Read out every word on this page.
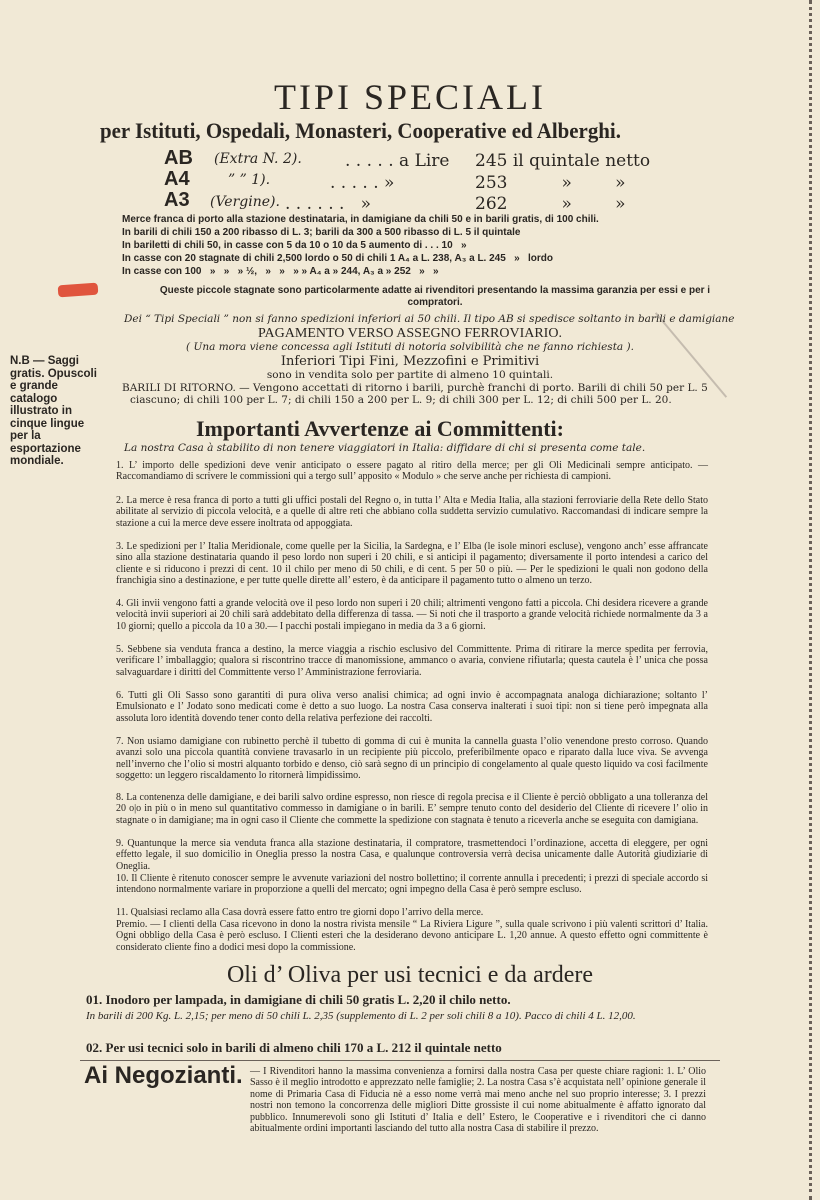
TIPI SPECIALI
per Istituti, Ospedali, Monasteri, Cooperative ed Alberghi.
AB (Extra N. 2).	. . . . . a Lire 245 il quintale netto
A4	” ” 1).	. . . . . »	253          »        »
A3 (Vergine). . . . . . .   »	262          »        »
Merce franca di porto alla stazione destinataria, in damigiane da chili 50 e in barili gratis, di 100 chili.
In barili di chili 150 a 200 ribasso di L. 3; barili da 300 a 500 ribasso di L. 5 il quintale
In bariletti di chili 50, in casse con 5 da 10 o 10 da 5 aumento di . . . 10   »
In casse con 20 stagnate di chili 2,500 lordo o 50 di chili 1 A₄ a L. 238, A₃ a L. 245   »   lordo
In casse con 100   »   »   » ½,   »   »   » » A₄ a » 244, A₃ a » 252   »   »
Queste piccole stagnate sono particolarmente adatte ai rivenditori presentando la massima garanzia per essi e per i compratori.
Dei “ Tipi Speciali ” non si fanno spedizioni inferiori ai 50 chili. Il tipo AB si spedisce soltanto in barili e damigiane
PAGAMENTO VERSO ASSEGNO FERROVIARIO.
( Una mora viene concessa agli Istituti di notoria solvibilità che ne fanno richiesta ).
Inferiori Tipi Fini, Mezzofini e Primitivi
sono in vendita solo per partite di almeno 10 quintali.
BARILI DI RITORNO. — Vengono accettati di ritorno i barili, purchè franchi di porto. Barili di chili 50 per L. 5
ciascuno; di chili 100 per L. 7; di chili 150 a 200 per L. 9; di chili 300 per L. 12; di chili 500 per L. 20.
N.B — Saggi gratis. Opuscoli e grande catalogo illustrato in cinque lingue per la esportazione mondiale.
Importanti Avvertenze ai Committenti:
La nostra Casa à stabilito di non tenere viaggiatori in Italia: diffidare di chi si presenta come tale.
1. L’ importo delle spedizioni deve venir anticipato o essere pagato al ritiro della merce; per gli Oli Medicinali sempre anticipato. — Raccomandiamo di scrivere le commissioni qui a tergo sull’ apposito « Modulo » che serve anche per richiesta di campioni.
2. La merce è resa franca di porto a tutti gli uffici postali del Regno o, in tutta l’ Alta e Media Italia, alla stazioni ferroviarie della Rete dello Stato abilitate al servizio di piccola velocità, e a quelle di altre reti che abbiano colla suddetta servizio cumulativo. Raccomandasi di indicare sempre la stazione a cui la merce deve essere inoltrata od appoggiata.
3. Le spedizioni per l’ Italia Meridionale, come quelle per la Sicilia, la Sardegna, e l’ Elba (le isole minori escluse), vengono anch’ esse affrancate sino alla stazione destinataria quando il peso lordo non superi i 20 chili, e si anticipi il pagamento; diversamente il porto intendesi a carico del cliente e si riducono i prezzi di cent. 10 il chilo per meno di 50 chili, e di cent. 5 per 50 o più. — Per le spedizioni le quali non godono della franchigia sino a destinazione, e per tutte quelle dirette all’ estero, è da anticipare il pagamento tutto o almeno un terzo.
4. Gli invii vengono fatti a grande velocità ove il peso lordo non superi i 20 chili; altrimenti vengono fatti a piccola. Chi desidera ricevere a grande velocità invii superiori ai 20 chili sarà addebitato della differenza di tassa. — Si noti che il trasporto a grande velocità richiede normalmente da 3 a 10 giorni; quello a piccola da 10 a 30.— I pacchi postali impiegano in media da 3 a 6 giorni.
5. Sebbene sia venduta franca a destino, la merce viaggia a rischio esclusivo del Committente. Prima di ritirare la merce spedita per ferrovia, verificare l’ imballaggio; qualora si riscontrino tracce di manomissione, ammanco o avaria, conviene rifiutarla; questa cautela è l’ unica che possa salvaguardare i diritti del Committente verso l’ Amministrazione ferroviaria.
6. Tutti gli Oli Sasso sono garantiti di pura oliva verso analisi chimica; ad ogni invio è accompagnata analoga dichiarazione; soltanto l’ Emulsionato e l’ Jodato sono medicati come è detto a suo luogo. La nostra Casa conserva inalterati i suoi tipi: non si tiene però impegnata alla assoluta loro identità dovendo tener conto della relativa perfezione dei raccolti.
7. Non usiamo damigiane con rubinetto perchè il tubetto di gomma di cui è munita la cannella guasta l’olio venendone presto corroso. Quando avanzi solo una piccola quantità conviene travasarlo in un recipiente più piccolo, preferibilmente opaco e riparato dalla luce viva. Se avvenga nell’inverno che l’olio si mostri alquanto torbido e denso, ciò sarà segno di un principio di congelamento al quale questo liquido va così facilmente soggetto: un leggero riscaldamento lo ritornerà limpidissimo.
8. La contenenza delle damigiane, e dei barili salvo ordine espresso, non riesce di regola precisa e il Cliente è perciò obbligato a una tolleranza del 20 o|o in più o in meno sul quantitativo commesso in damigiane o in barili. E’ sempre tenuto conto del desiderio del Cliente di ricevere l’ olio in stagnate o in damigiane; ma in ogni caso il Cliente che commette la spedizione con stagnata è tenuto a riceverla anche se eseguita con damigiana.
9. Quantunque la merce sia venduta franca alla stazione destinataria, il compratore, trasmettendoci l’ordinazione, accetta di eleggere, per ogni effetto legale, il suo domicilio in Oneglia presso la nostra Casa, e qualunque controversia verrà decisa unicamente dalle Autorità giudiziarie di Oneglia.
10. Il Cliente è ritenuto conoscer sempre le avvenute variazioni del nostro bollettino; il corrente annulla i precedenti; i prezzi di speciale accordo si intendono normalmente variare in proporzione a quelli del mercato; ogni impegno della Casa è però sempre escluso.
11. Qualsiasi reclamo alla Casa dovrà essere fatto entro tre giorni dopo l’arrivo della merce.
Premio. — I clienti della Casa ricevono in dono la nostra rivista mensile “ La Riviera Ligure ”, sulla quale scrivono i più valenti scrittori d’ Italia. Ogni obbligo della Casa è però escluso. I Clienti esteri che la desiderano devono anticipare L. 1,20 annue. A questo effetto ogni committente è considerato cliente fino a dodici mesi dopo la commissione.
Oli d’ Oliva per usi tecnici e da ardere
01. Inodoro per lampada, in damigiane di chili 50 gratis L. 2,20 il chilo netto.
In barili di 200 Kg. L. 2,15; per meno di 50 chili L. 2,35 (supplemento di L. 2 per soli chili 8 a 10). Pacco di chili 4 L. 12,00.
02. Per usi tecnici solo in barili di almeno chili 170 a L. 212 il quintale netto
Ai Negozianti. — I Rivenditori hanno la massima convenienza a fornirsi dalla nostra Casa per queste chiare ragioni: 1. L’ Olio Sasso è il meglio introdotto e apprezzato nelle famiglie; 2. La nostra Casa s’è acquistata nell’ opinione generale il nome di Primaria Casa di Fiducia nè a esso nome verrà mai meno anche nel suo proprio interesse; 3. I prezzi nostri non temono la concorrenza delle migliori Ditte grossiste il cui nome abitualmente è affatto ignorato dal pubblico. Innumerevoli sono gli Istituti d’ Italia e dell’ Estero, le Cooperative e i rivenditori che ci danno abitualmente ordini importanti lasciando del tutto alla nostra Casa di stabilire il prezzo.
